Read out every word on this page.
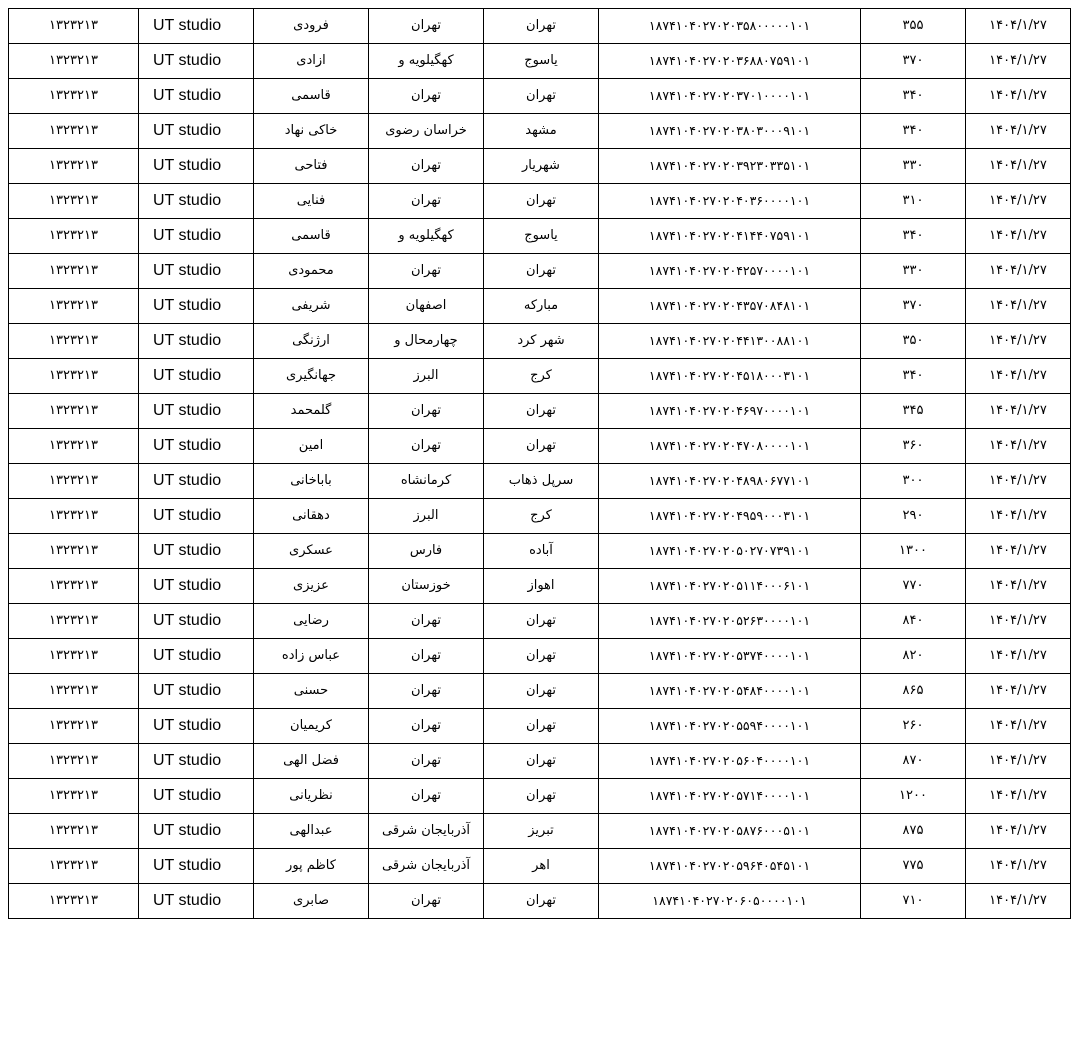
۱۳۲۳۲۱۳	UT studio	فرودی	تهران	تهران	۱۸۷۴۱۰۴۰۲۷۰۲۰۳۵۸۰۰۰۰۰۱۰۱	۳۵۵	۱۴۰۴/۱/۲۷
۱۳۲۳۲۱۳	UT studio	ازادی	کهگیلویه و	یاسوج	۱۸۷۴۱۰۴۰۲۷۰۲۰۳۶۸۸۰۷۵۹۱۰۱	۳۷۰	۱۴۰۴/۱/۲۷
۱۳۲۳۲۱۳	UT studio	قاسمی	تهران	تهران	۱۸۷۴۱۰۴۰۲۷۰۲۰۳۷۰۱۰۰۰۰۱۰۱	۳۴۰	۱۴۰۴/۱/۲۷
۱۳۲۳۲۱۳	UT studio	خاکی نهاد	خراسان رضوی	مشهد	۱۸۷۴۱۰۴۰۲۷۰۲۰۳۸۰۳۰۰۰۹۱۰۱	۳۴۰	۱۴۰۴/۱/۲۷
۱۳۲۳۲۱۳	UT studio	فتاحی	تهران	شهریار	۱۸۷۴۱۰۴۰۲۷۰۲۰۳۹۲۳۰۳۳۵۱۰۱	۳۳۰	۱۴۰۴/۱/۲۷
۱۳۲۳۲۱۳	UT studio	فنایی	تهران	تهران	۱۸۷۴۱۰۴۰۲۷۰۲۰۴۰۳۶۰۰۰۰۱۰۱	۳۱۰	۱۴۰۴/۱/۲۷
۱۳۲۳۲۱۳	UT studio	قاسمی	کهگیلویه و	یاسوج	۱۸۷۴۱۰۴۰۲۷۰۲۰۴۱۴۴۰۷۵۹۱۰۱	۳۴۰	۱۴۰۴/۱/۲۷
۱۳۲۳۲۱۳	UT studio	محمودی	تهران	تهران	۱۸۷۴۱۰۴۰۲۷۰۲۰۴۲۵۷۰۰۰۰۱۰۱	۳۳۰	۱۴۰۴/۱/۲۷
۱۳۲۳۲۱۳	UT studio	شریفی	اصفهان	مبارکه	۱۸۷۴۱۰۴۰۲۷۰۲۰۴۳۵۷۰۸۴۸۱۰۱	۳۷۰	۱۴۰۴/۱/۲۷
۱۳۲۳۲۱۳	UT studio	ارژنگی	چهارمحال و	شهر کرد	۱۸۷۴۱۰۴۰۲۷۰۲۰۴۴۱۳۰۰۸۸۱۰۱	۳۵۰	۱۴۰۴/۱/۲۷
۱۳۲۳۲۱۳	UT studio	جهانگیری	البرز	کرج	۱۸۷۴۱۰۴۰۲۷۰۲۰۴۵۱۸۰۰۰۳۱۰۱	۳۴۰	۱۴۰۴/۱/۲۷
۱۳۲۳۲۱۳	UT studio	گلمحمد	تهران	تهران	۱۸۷۴۱۰۴۰۲۷۰۲۰۴۶۹۷۰۰۰۰۱۰۱	۳۴۵	۱۴۰۴/۱/۲۷
۱۳۲۳۲۱۳	UT studio	امین	تهران	تهران	۱۸۷۴۱۰۴۰۲۷۰۲۰۴۷۰۸۰۰۰۰۱۰۱	۳۶۰	۱۴۰۴/۱/۲۷
۱۳۲۳۲۱۳	UT studio	باباخانی	کرمانشاه	سرپل ذهاب	۱۸۷۴۱۰۴۰۲۷۰۲۰۴۸۹۸۰۶۷۷۱۰۱	۳۰۰	۱۴۰۴/۱/۲۷
۱۳۲۳۲۱۳	UT studio	دهقانی	البرز	کرج	۱۸۷۴۱۰۴۰۲۷۰۲۰۴۹۵۹۰۰۰۳۱۰۱	۲۹۰	۱۴۰۴/۱/۲۷
۱۳۲۳۲۱۳	UT studio	عسکری	فارس	آباده	۱۸۷۴۱۰۴۰۲۷۰۲۰۵۰۲۷۰۷۳۹۱۰۱	۱۳۰۰	۱۴۰۴/۱/۲۷
۱۳۲۳۲۱۳	UT studio	عزیزی	خوزستان	اهواز	۱۸۷۴۱۰۴۰۲۷۰۲۰۵۱۱۴۰۰۰۶۱۰۱	۷۷۰	۱۴۰۴/۱/۲۷
۱۳۲۳۲۱۳	UT studio	رضایی	تهران	تهران	۱۸۷۴۱۰۴۰۲۷۰۲۰۵۲۶۳۰۰۰۰۱۰۱	۸۴۰	۱۴۰۴/۱/۲۷
۱۳۲۳۲۱۳	UT studio	عباس زاده	تهران	تهران	۱۸۷۴۱۰۴۰۲۷۰۲۰۵۳۷۴۰۰۰۰۱۰۱	۸۲۰	۱۴۰۴/۱/۲۷
۱۳۲۳۲۱۳	UT studio	حسنی	تهران	تهران	۱۸۷۴۱۰۴۰۲۷۰۲۰۵۴۸۴۰۰۰۰۱۰۱	۸۶۵	۱۴۰۴/۱/۲۷
۱۳۲۳۲۱۳	UT studio	کریمیان	تهران	تهران	۱۸۷۴۱۰۴۰۲۷۰۲۰۵۵۹۴۰۰۰۰۱۰۱	۲۶۰	۱۴۰۴/۱/۲۷
۱۳۲۳۲۱۳	UT studio	فضل الهی	تهران	تهران	۱۸۷۴۱۰۴۰۲۷۰۲۰۵۶۰۴۰۰۰۰۱۰۱	۸۷۰	۱۴۰۴/۱/۲۷
۱۳۲۳۲۱۳	UT studio	نظریانی	تهران	تهران	۱۸۷۴۱۰۴۰۲۷۰۲۰۵۷۱۴۰۰۰۰۱۰۱	۱۲۰۰	۱۴۰۴/۱/۲۷
۱۳۲۳۲۱۳	UT studio	عبدالهی	آذربایجان شرقی	تبریز	۱۸۷۴۱۰۴۰۲۷۰۲۰۵۸۷۶۰۰۰۵۱۰۱	۸۷۵	۱۴۰۴/۱/۲۷
۱۳۲۳۲۱۳	UT studio	کاظم پور	آذربایجان شرقی	اهر	۱۸۷۴۱۰۴۰۲۷۰۲۰۵۹۶۴۰۵۴۵۱۰۱	۷۷۵	۱۴۰۴/۱/۲۷
۱۳۲۳۲۱۳	UT studio	صابری	تهران	تهران	۱۸۷۴۱۰۴۰۲۷۰۲۰۶۰۵۰۰۰۰۱۰۱	۷۱۰	۱۴۰۴/۱/۲۷
